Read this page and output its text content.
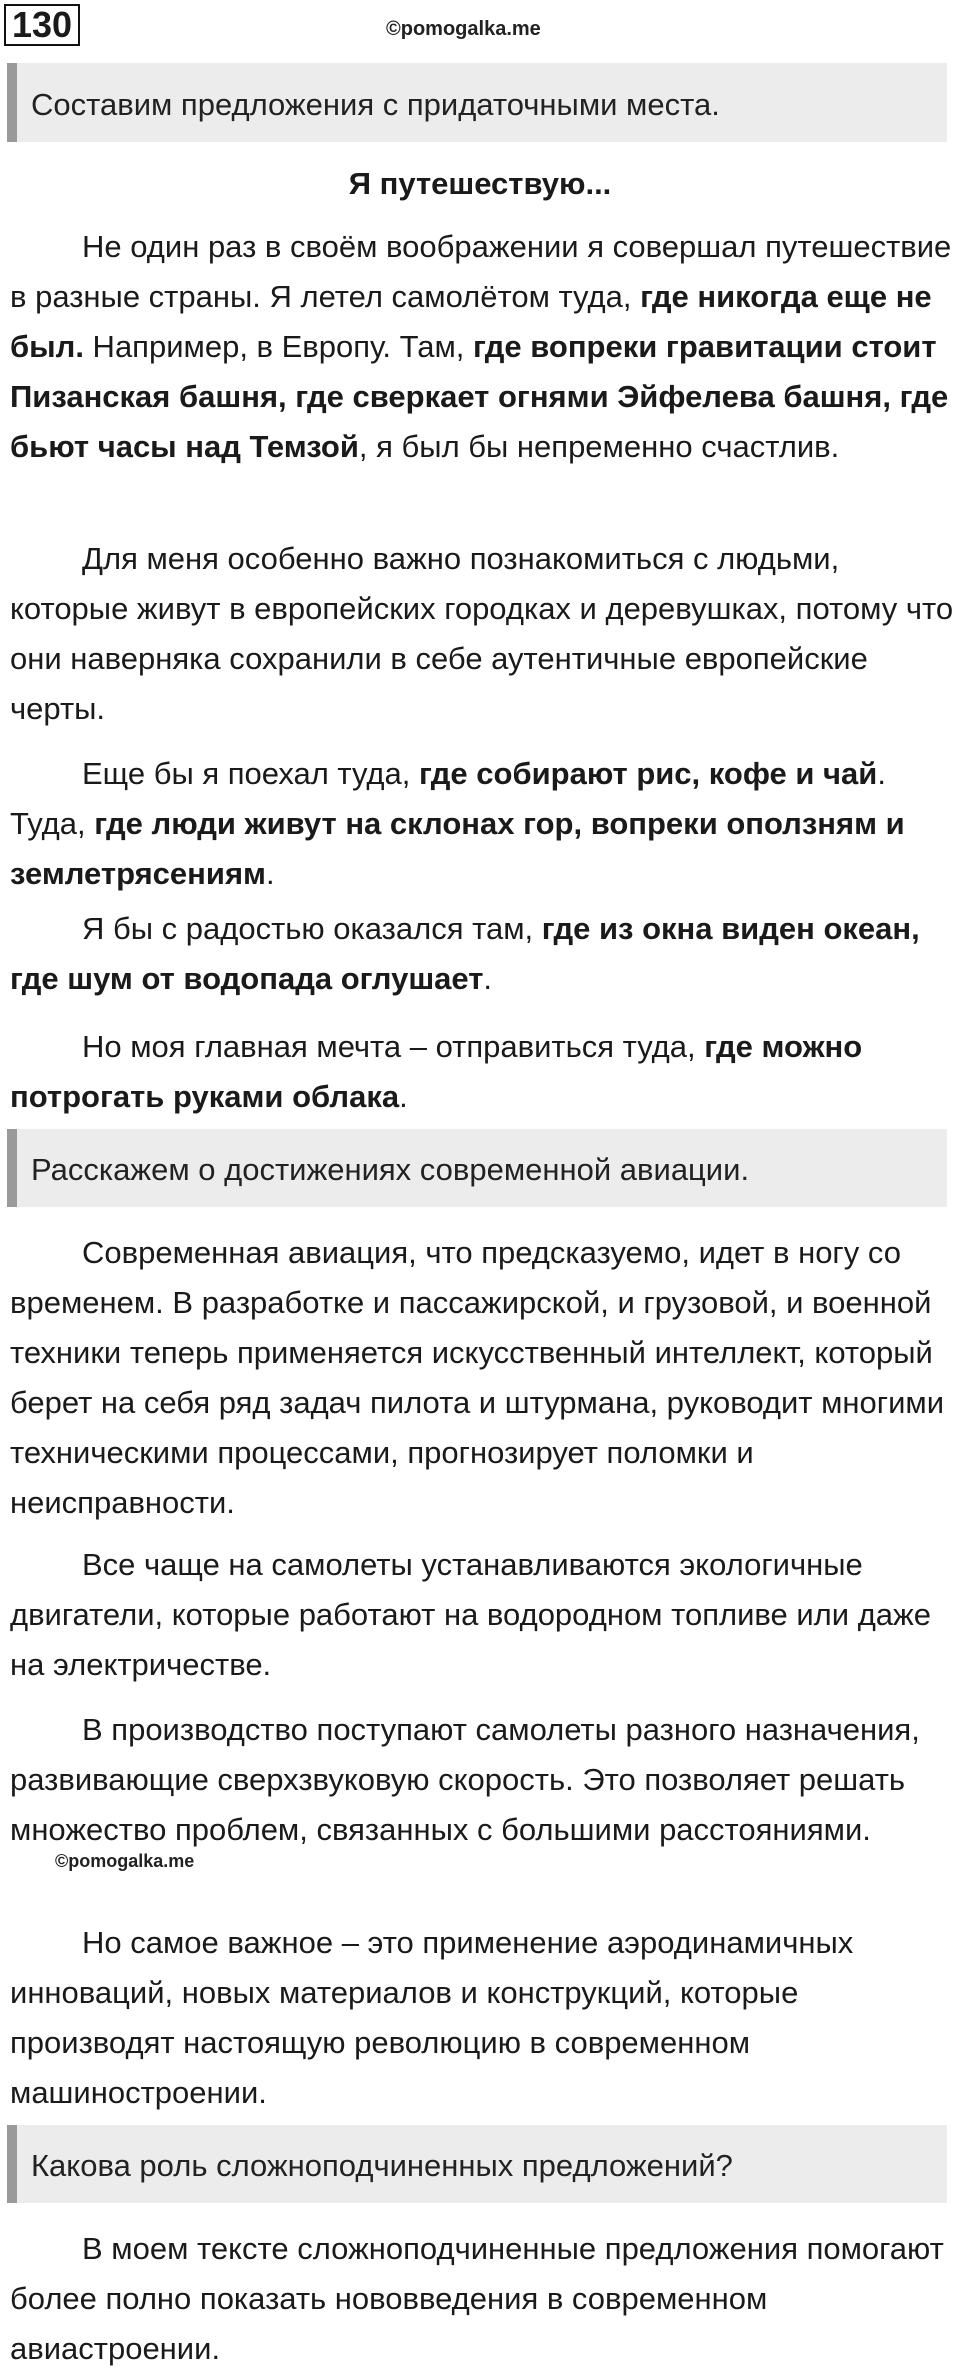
130	©pomogalka.me
©pomogalka.me
Составим предложения с придаточными места.
Я путешествую...

Не один раз в своём воображении я совершал путешествие в разные страны. Я летел самолётом туда, где никогда еще не был. Например, в Европу. Там, где вопреки гравитации стоит Пизанская башня, где сверкает огнями Эйфелева башня, где бьют часы над Темзой, я был бы непременно счастлив.

Для меня особенно важно познакомиться с людьми, которые живут в европейских городках и деревушках, потому что они наверняка сохранили в себе аутентичные европейские черты.

Еще бы я поехал туда, где собирают рис, кофе и чай. Туда, где люди живут на склонах гор, вопреки оползням и землетрясениям.

Я бы с радостью оказался там, где из окна виден океан, где шум от водопада оглушает.

Но моя главная мечта – отправиться туда, где можно потрогать руками облака.

Расскажем о достижениях современной авиации.

Современная авиация, что предсказуемо, идет в ногу со временем. В разработке и пассажирской, и грузовой, и военной техники теперь применяется искусственный интеллект, который берет на себя ряд задач пилота и штурмана, руководит многими техническими процессами, прогнозирует поломки и неисправности.

Все чаще на самолеты устанавливаются экологичные двигатели, которые работают на водородном топливе или даже на электричестве.

В производство поступают самолеты разного назначения, развивающие сверхзвуковую скорость. Это позволяет решать множество проблем, связанных с большими расстояниями.

Но самое важное – это применение аэродинамичных инноваций, новых материалов и конструкций, которые производят настоящую революцию в современном машиностроении.

Какова роль сложноподчиненных предложений?

В моем тексте сложноподчиненные предложения помогают более полно показать нововведения в современном авиастроении.
